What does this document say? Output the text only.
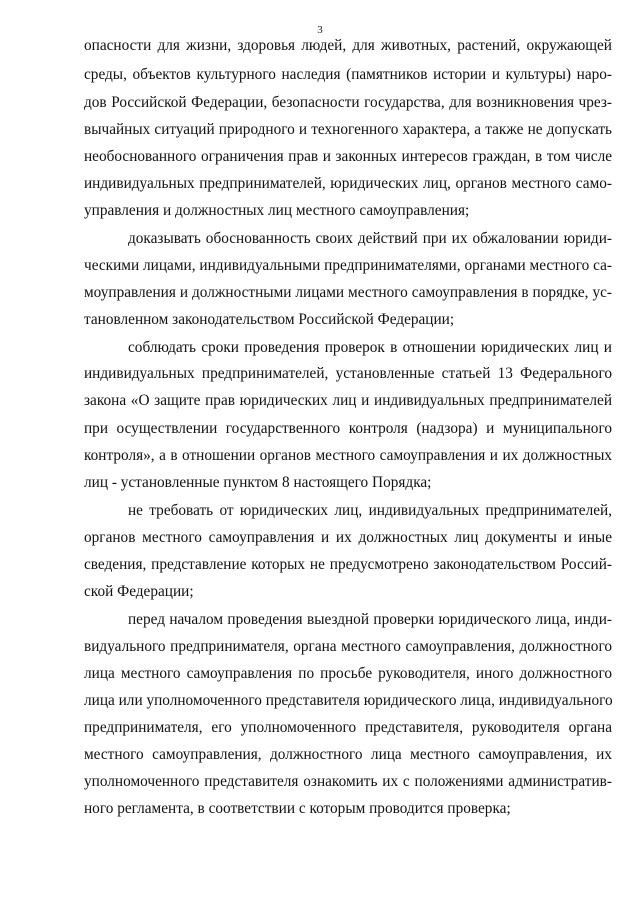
3
опасности для жизни, здоровья людей, для животных, растений, окружающей
среды, объектов культурного наследия (памятников истории и культуры) наро-
дов Российской Федерации, безопасности государства, для возникновения чрез-
вычайных ситуаций природного и техногенного характера, а также не допускать
необоснованного ограничения прав и законных интересов граждан, в том числе
индивидуальных предпринимателей, юридических лиц, органов местного само-
управления и должностных лиц местного самоуправления;
доказывать обоснованность своих действий при их обжаловании юриди-
ческими лицами, индивидуальными предпринимателями, органами местного са-
моуправления и должностными лицами местного самоуправления в порядке, ус-
тановленном законодательством Российской Федерации;
соблюдать сроки проведения проверок в отношении юридических лиц и
индивидуальных предпринимателей, установленные статьей 13 Федерального
закона «О защите прав юридических лиц и индивидуальных предпринимателей
при осуществлении государственного контроля (надзора) и муниципального
контроля», а в отношении органов местного самоуправления и их должностных
лиц - установленные пунктом 8 настоящего Порядка;
не требовать от юридических лиц, индивидуальных предпринимателей,
органов местного самоуправления и их должностных лиц документы и иные
сведения, представление которых не предусмотрено законодательством Россий-
ской Федерации;
перед началом проведения выездной проверки юридического лица, инди-
видуального предпринимателя, органа местного самоуправления, должностного
лица местного самоуправления по просьбе руководителя, иного должностного
лица или уполномоченного представителя юридического лица, индивидуального
предпринимателя, его уполномоченного представителя, руководителя органа
местного самоуправления, должностного лица местного самоуправления, их
уполномоченного представителя ознакомить их с положениями административ-
ного регламента, в соответствии с которым проводится проверка;
